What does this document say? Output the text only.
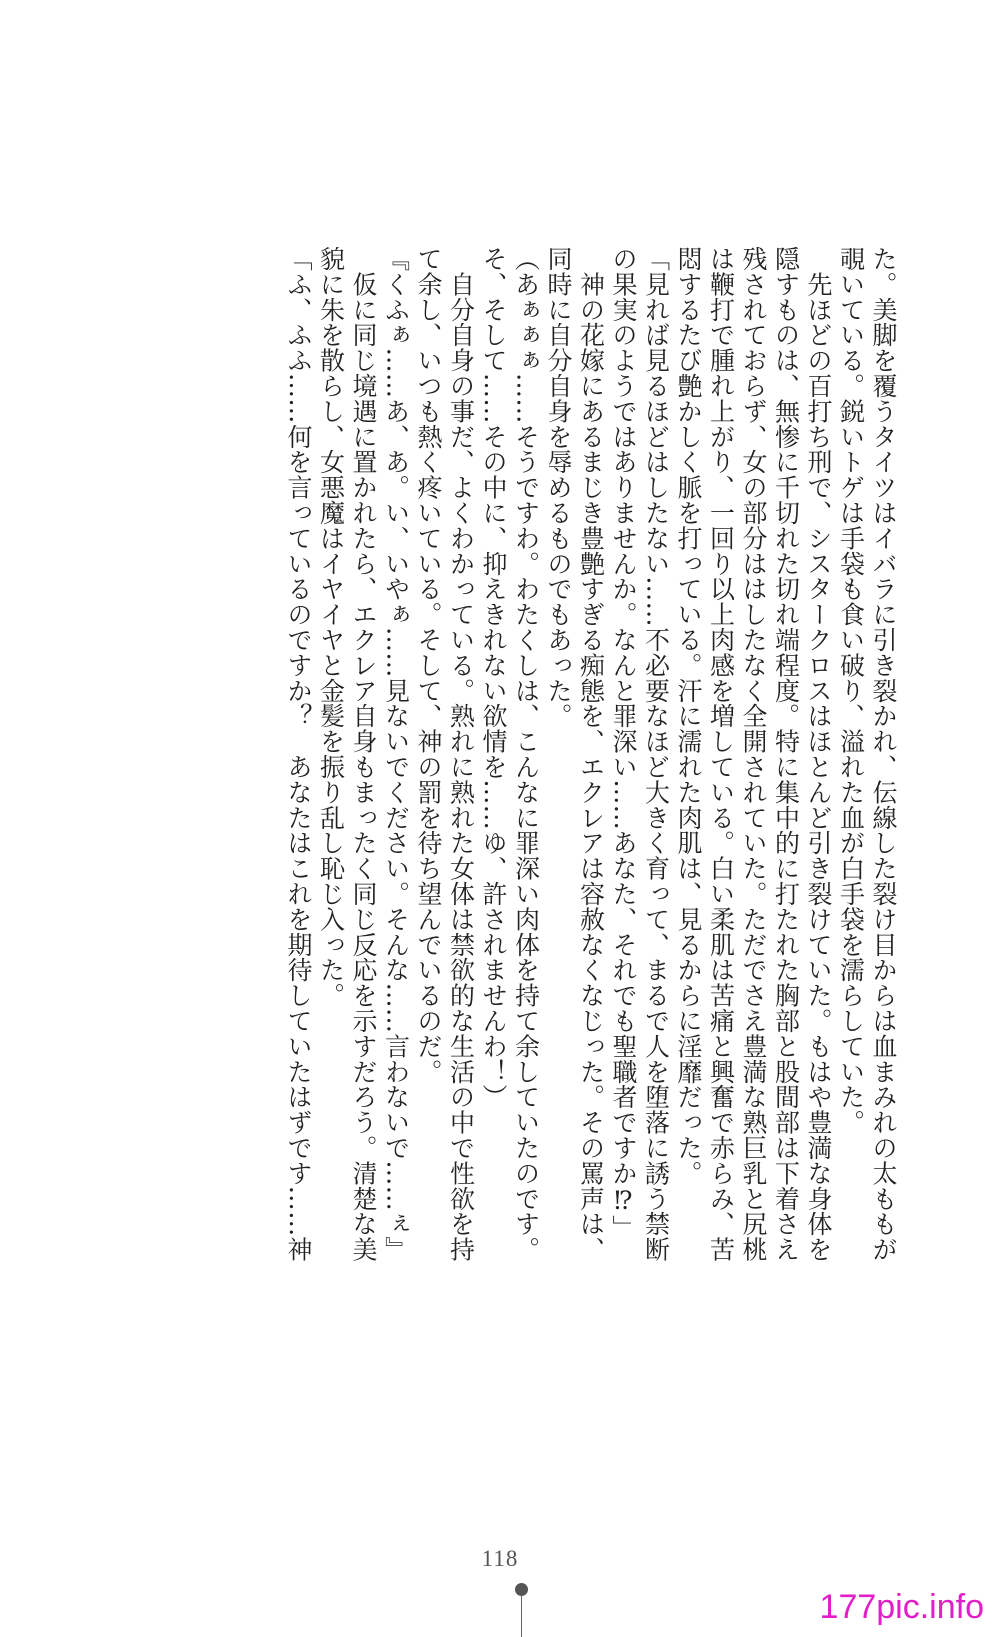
た。美脚を覆うタイツはイバラに引き裂かれ、伝線した裂け目からは血まみれの太ももが
覗いている。鋭いトゲは手袋も食い破り、溢れた血が白手袋を濡らしていた。
　先ほどの百打ち刑で、シスタークロスはほとんど引き裂けていた。もはや豊満な身体を
隠すものは、無惨に千切れた切れ端程度。特に集中的に打たれた胸部と股間部は下着さえ
残されておらず、女の部分ははしたなく全開されていた。ただでさえ豊満な熟巨乳と尻桃
は鞭打で腫れ上がり、一回り以上肉感を増している。白い柔肌は苦痛と興奮で赤らみ、苦
悶するたび艶かしく脈を打っている。汗に濡れた肉肌は、見るからに淫靡だった。
「見れば見るほどはしたない……不必要なほど大きく育って、まるで人を堕落に誘う禁断
の果実のようではありませんか。なんと罪深い……あなた、それでも聖職者ですか⁉」
　神の花嫁にあるまじき豊艶すぎる痴態を、エクレアは容赦なくなじった。その罵声は、
同時に自分自身を辱めるものでもあった。
（あぁぁぁ……そうですわ。わたくしは、こんなに罪深い肉体を持て余していたのです。
そ、そして……その中に、抑えきれない欲情を……ゆ、許されませんわ！）
　自分自身の事だ、よくわかっている。熟れに熟れた女体は禁欲的な生活の中で性欲を持
て余し、いつも熱く疼いている。そして、神の罰を待ち望んでいるのだ。
『くふぁ……あ、あ。い、いやぁ……見ないでください。そんな……言わないで……ぇ』
　仮に同じ境遇に置かれたら、エクレア自身もまったく同じ反応を示すだろう。清楚な美
貌に朱を散らし、女悪魔はイヤイヤと金髪を振り乱し恥じ入った。
「ふ、ふふ……何を言っているのですか？　あなたはこれを期待していたはずです……神
118
177pic.info
